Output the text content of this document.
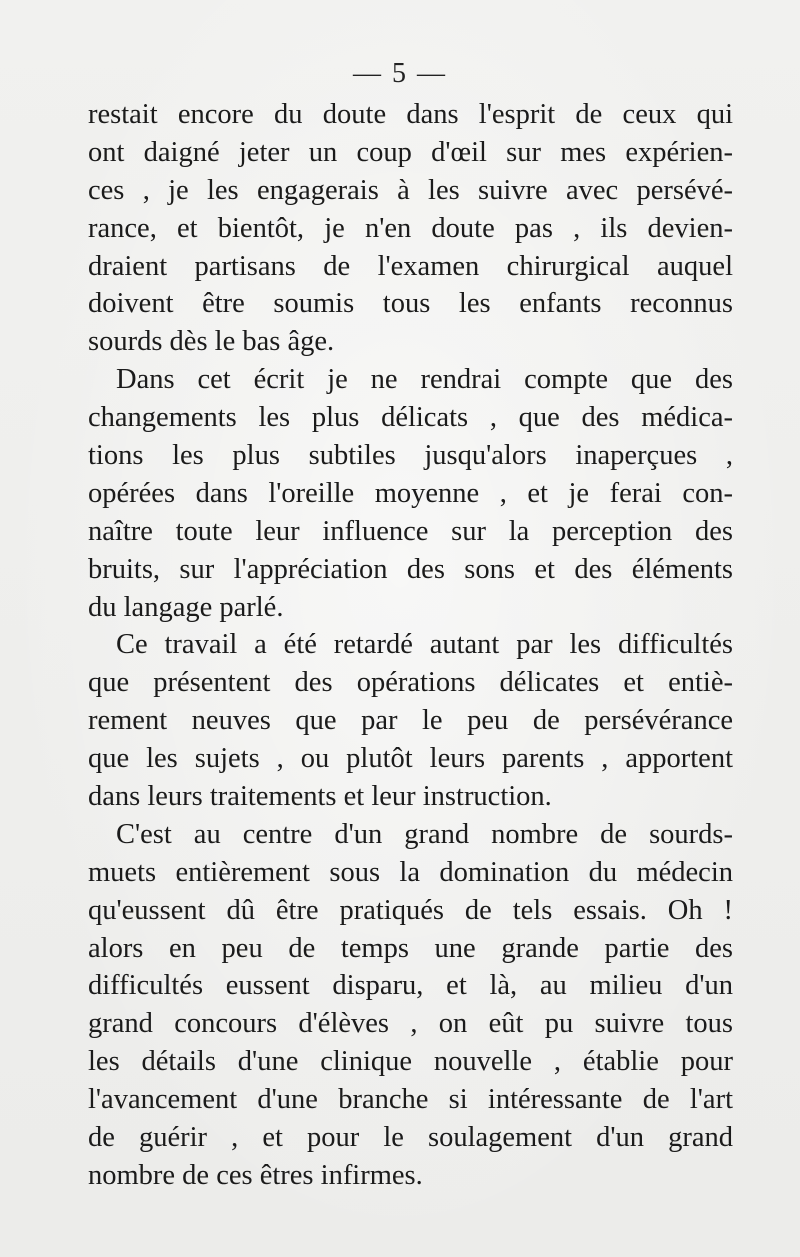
— 5 —
restait encore du doute dans l'esprit de ceux qui
ont daigné jeter un coup d'œil sur mes expérien-
ces , je les engagerais à les suivre avec persévé-
rance, et bientôt, je n'en doute pas , ils devien-
draient partisans de l'examen chirurgical auquel
doivent être soumis tous les enfants reconnus
sourds dès le bas âge.
Dans cet écrit je ne rendrai compte que des
changements les plus délicats , que des médica-
tions les plus subtiles jusqu'alors inaperçues ,
opérées dans l'oreille moyenne , et je ferai con-
naître toute leur influence sur la perception des
bruits, sur l'appréciation des sons et des éléments
du langage parlé.
Ce travail a été retardé autant par les difficultés
que présentent des opérations délicates et entiè-
rement neuves que par le peu de persévérance
que les sujets , ou plutôt leurs parents , apportent
dans leurs traitements et leur instruction.
C'est au centre d'un grand nombre de sourds-
muets entièrement sous la domination du médecin
qu'eussent dû être pratiqués de tels essais. Oh !
alors en peu de temps une grande partie des
difficultés eussent disparu, et là, au milieu d'un
grand concours d'élèves , on eût pu suivre tous
les détails d'une clinique nouvelle , établie pour
l'avancement d'une branche si intéressante de l'art
de guérir , et pour le soulagement d'un grand
nombre de ces êtres infirmes.
